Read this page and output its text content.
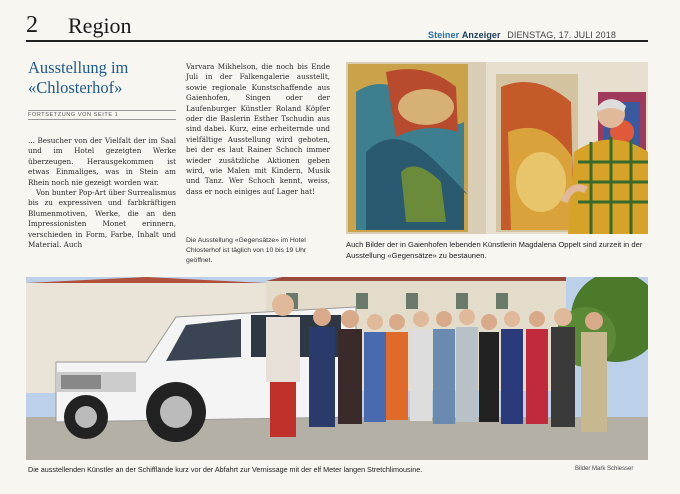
2 Region	Steiner Anzeiger DIENSTAG, 17. JULI 2018
Ausstellung im
«Chlosterhof»
FORTSETZUNG VON SEITE 1

... Besucher von der Vielfalt der im Saal und im Hotel gezeigten Werke überzeugen. Herausgekommen ist etwas Einmaliges, was in Stein am Rhein noch nie gezeigt worden war.

Von bunter Pop-Art über Surrealismus bis zu expressiven und farbkräftigen Blumenmotiven, Werke, die an den Impressionisten Monet erinnern, verschieden in Form, Farbe, Inhalt und Material. Auch

Varvara Mikhelson, die noch bis Ende Juli in der Falkengalerie ausstellt, sowie regionale Kunstschaffende aus Gaienhofen, Singen oder der Laufenburger Künstler Roland Köpfer oder die Baslerin Esther Tschudin aus sind dabei. Kurz, eine erheiternde und vielfältige Ausstellung wird geboten, bei der es laut Rainer Schoch immer wieder zusätzliche Aktionen geben wird, wie Malen mit Kindern, Musik und Tanz. Wer Schoch kennt, weiss, dass er noch einiges auf Lager hat!

Die Ausstellung «Gegensätze» im Hotel Chlosterhof ist täglich von 10 bis 19 Uhr geöffnet.
Auch Bilder der in Gaienhofen lebenden Künstlerin Magdalena Oppelt sind zurzeit in der Ausstellung «Gegensätze» zu bestaunen.
Die ausstellenden Künstler an der Schifflände kurz vor der Abfahrt zur Vernissage mit der elf Meter langen Stretchlimousine.	Bilder Mark Schiesser
